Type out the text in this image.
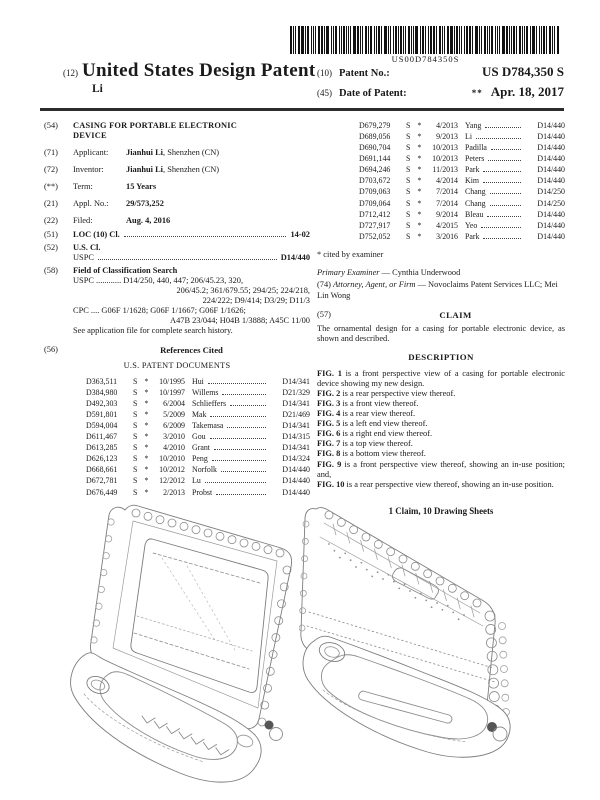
US00D784350S
(12) United States Design Patent
Li
(10) Patent No.:	US D784,350 S
(45) Date of Patent:	** Apr. 18, 2017
(54)	CASING FOR PORTABLE ELECTRONIC DEVICE
(71)	Applicant: Jianhui Li, Shenzhen (CN)
(72)	Inventor:	Jianhui Li, Shenzhen (CN)
(**)	Term:	15 Years
(21)	Appl. No.: 29/573,252
(22)	Filed:	Aug. 4, 2016
(51)	LOC (10) Cl.	14-02
(52)	U.S. Cl.
USPC	D14/440
(58)	Field of Classification Search
USPC ............ D14/250, 440, 447; 206/45.23, 320,
206/45.2; 361/679.55; 294/25; 224/218,
224/222; D9/414; D3/29; D11/3
CPC .... G06F 1/1628; G06F 1/1667; G06F 1/1626;
A47B 23/044; H04B 1/3888; A45C 11/00
See application file for complete search history.
(56)	References Cited
U.S. PATENT DOCUMENTS
D363,511	S *	10/1995 Hui	D14/341
D384,980	S *	10/1997 Willems	D21/329
D492,303	S *	6/2004 Schlieffers	D14/341
D591,801	S *	5/2009 Mak	D21/469
D594,004	S *	6/2009 Takemasa	D14/341
D611,467	S *	3/2010 Gou	D14/315
D613,285	S *	4/2010 Grant	D14/341
D626,123	S *	10/2010 Peng	D14/324
D668,661	S *	10/2012 Norfolk	D14/440
D672,781	S *	12/2012 Lu	D14/440
D676,449	S *	2/2013 Probst	D14/440
D679,279	S *	4/2013 Yang	D14/440
D689,056	S *	9/2013 Li	D14/440
D690,704	S *	10/2013 Padilla	D14/440
D691,144	S *	10/2013 Peters	D14/440
D694,246	S *	11/2013 Park	D14/440
D703,672	S *	4/2014 Kim	D14/440
D709,063	S *	7/2014 Chang	D14/250
D709,064	S *	7/2014 Chang	D14/250
D712,412	S *	9/2014 Bleau	D14/440
D727,917	S *	4/2015 Yeo	D14/440
D752,052	S *	3/2016 Park	D14/440
* cited by examiner
Primary Examiner — Cynthia Underwood
(74) Attorney, Agent, or Firm — Novoclaims Patent Services LLC; Mei Lin Wong
(57)	CLAIM
The ornamental design for a casing for portable electronic device, as shown and described.
DESCRIPTION

FIG. 1 is a front perspective view of a casing for portable electronic device showing my new design.

FIG. 2 is a rear perspective view thereof.

FIG. 3 is a front view thereof.

FIG. 4 is a rear view thereof.

FIG. 5 is a left end view thereof.

FIG. 6 is a right end view thereof.

FIG. 7 is a top view thereof.

FIG. 8 is a bottom view thereof.

FIG. 9 is a front perspective view thereof, showing an in-use position; and,

FIG. 10 is a rear perspective view thereof, showing an in-use position.

1 Claim, 10 Drawing Sheets
